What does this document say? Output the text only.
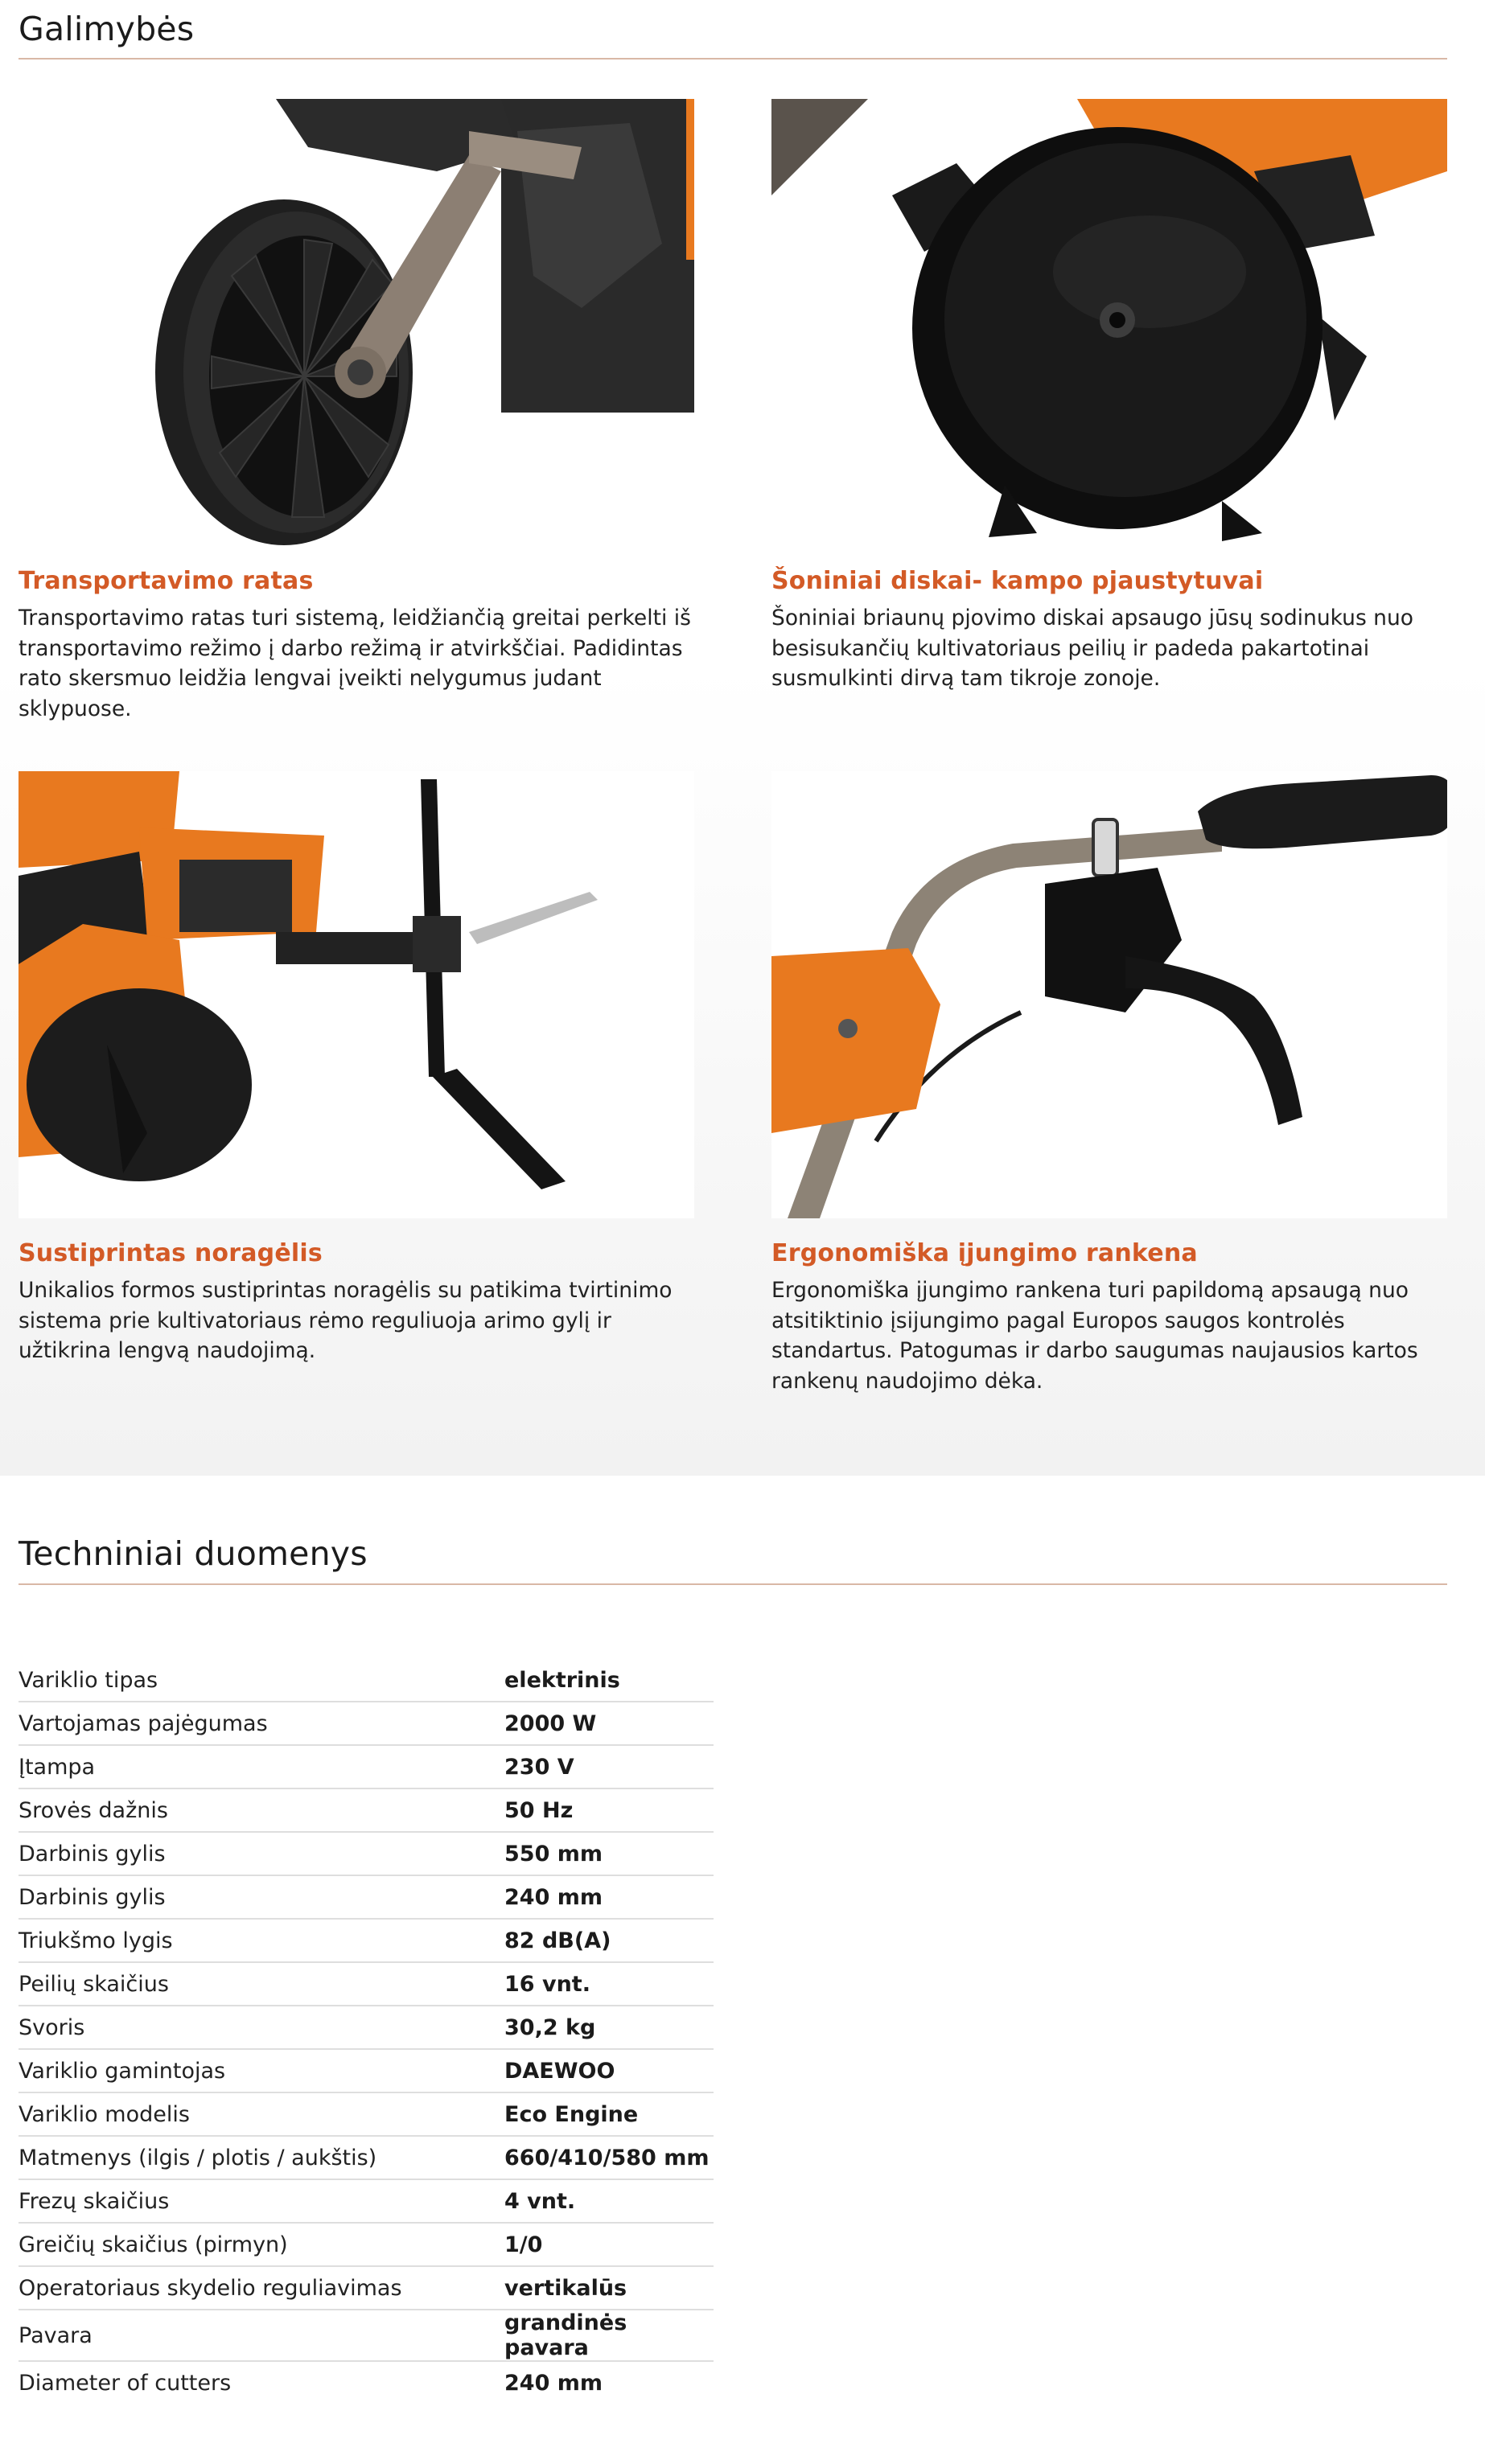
Galimybės
Transportavimo ratas

Transportavimo ratas turi sistemą, leidžiančią greitai perkelti iš transportavimo režimo į darbo režimą ir atvirkščiai. Padidintas rato skersmuo leidžia lengvai įveikti nelygumus judant sklypuose.

Šoniniai diskai- kampo pjaustytuvai

Šoniniai briaunų pjovimo diskai apsaugo jūsų sodinukus nuo besisukančių kultivatoriaus peilių ir padeda pakartotinai susmulkinti dirvą tam tikroje zonoje.

Sustiprintas noragėlis

Unikalios formos sustiprintas noragėlis su patikima tvirtinimo sistema prie kultivatoriaus rėmo reguliuoja arimo gylį ir užtikrina lengvą naudojimą.

Ergonomiška įjungimo rankena

Ergonomiška įjungimo rankena turi papildomą apsaugą nuo atsitiktinio įsijungimo pagal Europos saugos kontrolės standartus. Patogumas ir darbo saugumas naujausios kartos rankenų naudojimo dėka.

Techniniai duomenys
Variklio tipas	elektrinis
Vartojamas pajėgumas	2000 W
Įtampa	230 V
Srovės dažnis	50 Hz
Darbinis gylis	550 mm
Darbinis gylis	240 mm
Triukšmo lygis	82 dB(A)
Peilių skaičius	16 vnt.
Svoris	30,2 kg
Variklio gamintojas	DAEWOO
Variklio modelis	Eco Engine
Matmenys (ilgis / plotis / aukštis)	660/410/580 mm
Frezų skaičius	4 vnt.
Greičių skaičius (pirmyn)	1/0
Operatoriaus skydelio reguliavimas	vertikalūs
Pavara	grandinės pavara
Diameter of cutters	240 mm
